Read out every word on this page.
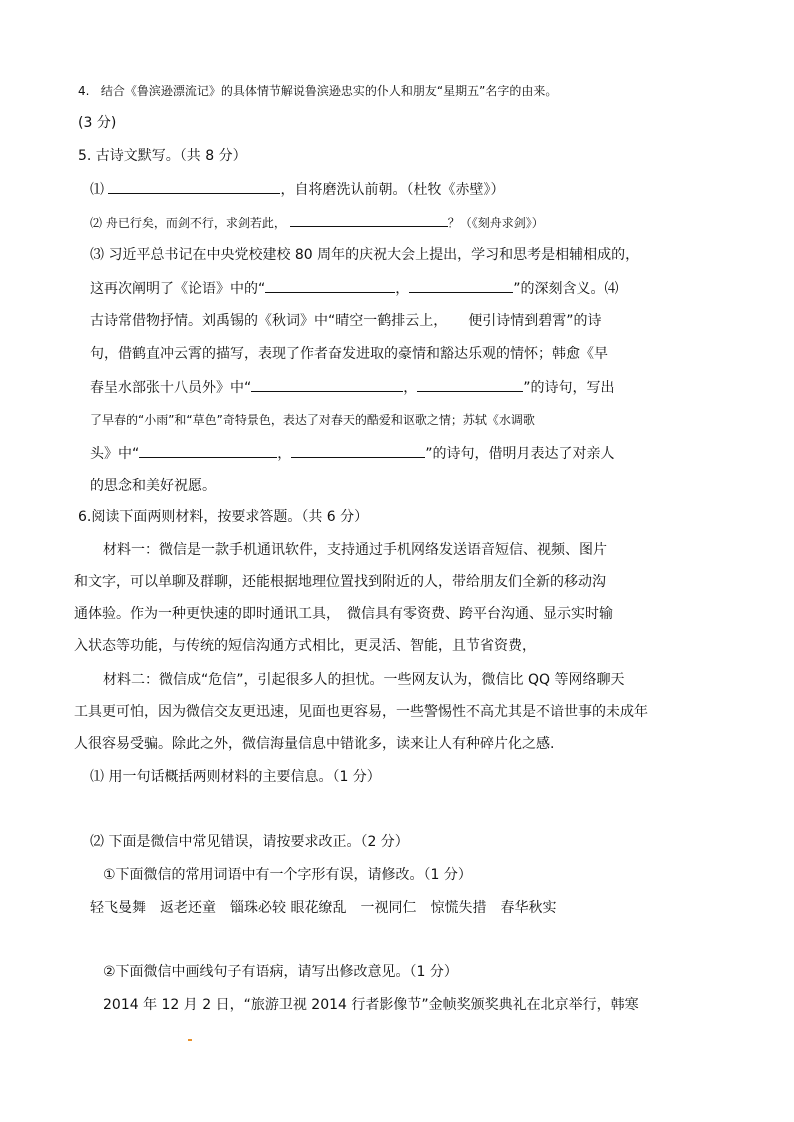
4. 结合《鲁滨逊漂流记》的具体情节解说鲁滨逊忠实的仆人和朋友“星期五”名字的由来。
(3 分)
5. 古诗文默写。（共 8 分）
⑴	，自将磨洗认前朝。（杜牧《赤壁》）
⑵ 舟已行矣，而剑不行，求剑若此，	？（《刻舟求剑》）
⑶ 习近平总书记在中央党校建校 80 周年的庆祝大会上提出，学习和思考是相辅相成的，
这再次阐明了《论语》中的“	，	”的深刻含义。⑷
古诗常借物抒情。刘禹锡的《秋词》中“晴空一鹤排云上，　　便引诗情到碧霄”的诗
句，借鹤直冲云霄的描写，表现了作者奋发进取的豪情和豁达乐观的情怀；韩愈《早
春呈水部张十八员外》中“	，	”的诗句，写出
了早春的“小雨”和“草色”奇特景色，表达了对春天的酷爱和讴歌之情；苏轼《水调歌
头》中“	，	”的诗句，借明月表达了对亲人
的思念和美好祝愿。
6.阅读下面两则材料，按要求答题。（共 6 分）
材料一：微信是一款手机通讯软件，支持通过手机网络发送语音短信、视频、图片
和文字，可以单聊及群聊，还能根据地理位置找到附近的人，带给朋友们全新的移动沟
通体验。作为一种更快速的即时通讯工具，　微信具有零资费、跨平台沟通、显示实时输
入状态等功能，与传统的短信沟通方式相比，更灵活、智能，且节省资费，
材料二：微信成“危信”，引起很多人的担忧。一些网友认为，微信比 QQ 等网络聊天
工具更可怕，因为微信交友更迅速，见面也更容易，一些警惕性不高尤其是不谙世事的未成年
人很容易受骗。除此之外，微信海量信息中错讹多，读来让人有种碎片化之感.
⑴ 用一句话概括两则材料的主要信息。（1 分）
⑵ 下面是微信中常见错误，请按要求改正。（2 分）
①下面微信的常用词语中有一个字形有误，请修改。（1 分）
轻飞曼舞　返老还童　锱珠必较 眼花缭乱　一视同仁　惊慌失措　春华秋实
②下面微信中画线句子有语病，请写出修改意见。（1 分）
2014 年 12 月 2 日，“旅游卫视 2014 行者影像节”金帧奖颁奖典礼在北京举行，韩寒
